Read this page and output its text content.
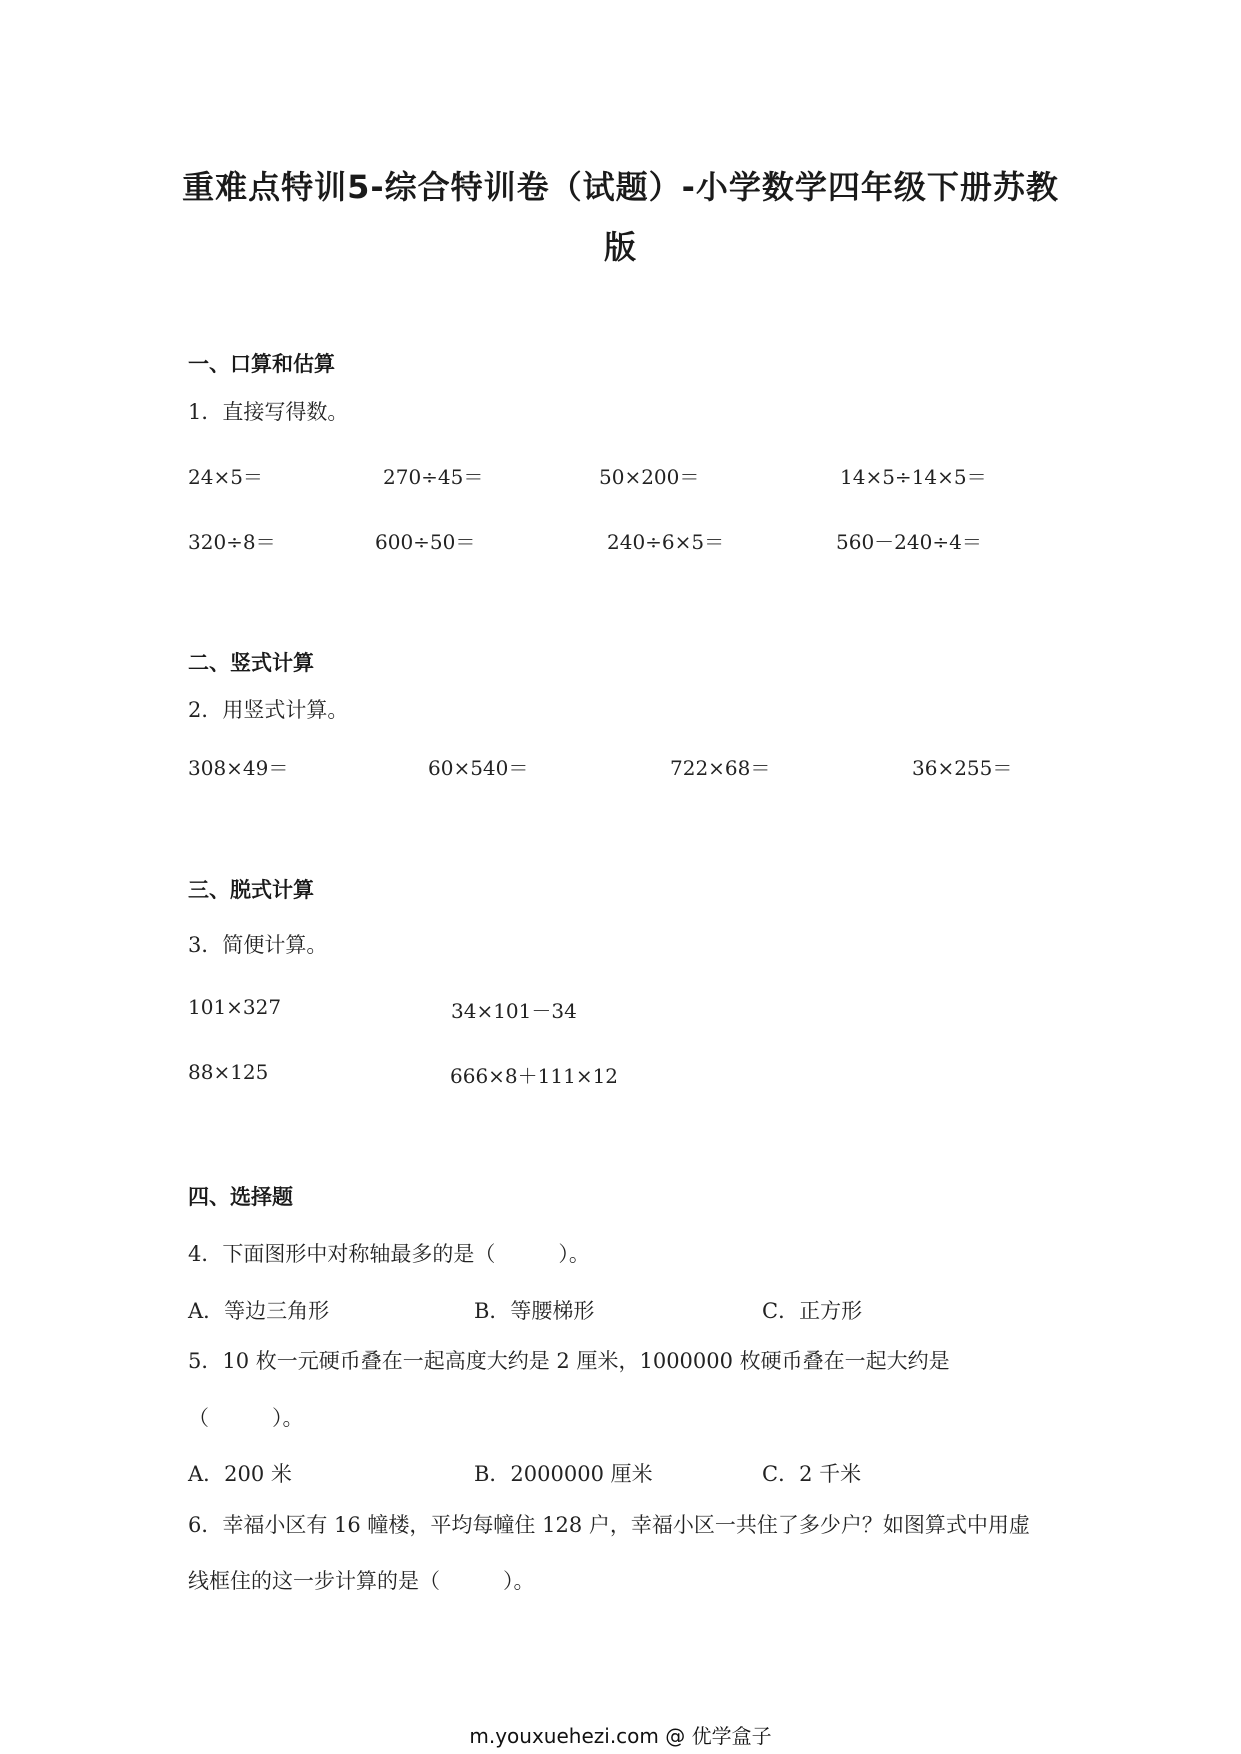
重难点特训5-综合特训卷（试题）-小学数学四年级下册苏教
版
一、口算和估算
1．直接写得数。
24×5＝	270÷45＝	50×200＝	14×5÷14×5＝
320÷8＝	600÷50＝	240÷6×5＝	560－240÷4＝
二、竖式计算
2．用竖式计算。
308×49＝	60×540＝	722×68＝	36×255＝
三、脱式计算
3．简便计算。
101×327	34×101－34
88×125	666×8＋111×12
四、选择题
4．下面图形中对称轴最多的是（　　　）。
A．等边三角形	B．等腰梯形	C．正方形
5．10 枚一元硬币叠在一起高度大约是 2 厘米，1000000 枚硬币叠在一起大约是
（　　　）。
A．200 米	B．2000000 厘米	C．2 千米
6．幸福小区有 16 幢楼，平均每幢住 128 户，幸福小区一共住了多少户？如图算式中用虚
线框住的这一步计算的是（　　　）。
m.youxuehezi.com @ 优学盒子
